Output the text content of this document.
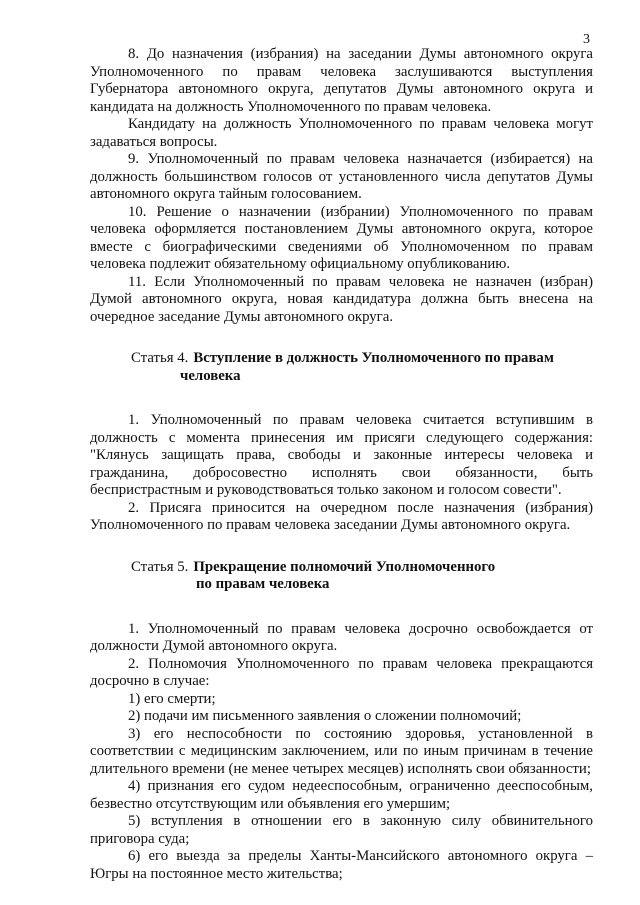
3

8. До назначения (избрания) на заседании Думы автономного округа Уполномоченного по правам человека заслушиваются выступления Губернатора автономного округа, депутатов Думы автономного округа и кандидата на должность Уполномоченного по правам человека.

Кандидату на должность Уполномоченного по правам человека могут задаваться вопросы.

9. Уполномоченный по правам человека назначается (избирается) на должность большинством голосов от установленного числа депутатов Думы автономного округа тайным голосованием.

10. Решение о назначении (избрании) Уполномоченного по правам человека оформляется постановлением Думы автономного округа, которое вместе с биографическими сведениями об Уполномоченном по правам человека подлежит обязательному официальному опубликованию.

11. Если Уполномоченный по правам человека не назначен (избран) Думой автономного округа, новая кандидатура должна быть внесена на очередное заседание Думы автономного округа.

Статья 4. Вступление в должность Уполномоченного по правам
человека

1. Уполномоченный по правам человека считается вступившим в должность с момента принесения им присяги следующего содержания: "Клянусь защищать права, свободы и законные интересы человека и гражданина, добросовестно исполнять свои обязанности, быть беспристрастным и руководствоваться только законом и голосом совести".

2. Присяга приносится на очередном после назначения (избрания) Уполномоченного по правам человека заседании Думы автономного округа.

Статья 5. Прекращение полномочий Уполномоченного
по правам человека

1. Уполномоченный по правам человека досрочно освобождается от должности Думой автономного округа.

2. Полномочия Уполномоченного по правам человека прекращаются досрочно в случае:

1) его смерти;

2) подачи им письменного заявления о сложении полномочий;

3) его неспособности по состоянию здоровья, установленной в соответствии с медицинским заключением, или по иным причинам в течение длительного времени (не менее четырех месяцев) исполнять свои обязанности;

4) признания его судом недееспособным, ограниченно дееспособным, безвестно отсутствующим или объявления его умершим;

5) вступления в отношении его в законную силу обвинительного приговора суда;

6) его выезда за пределы Ханты-Мансийского автономного округа – Югры на постоянное место жительства;
